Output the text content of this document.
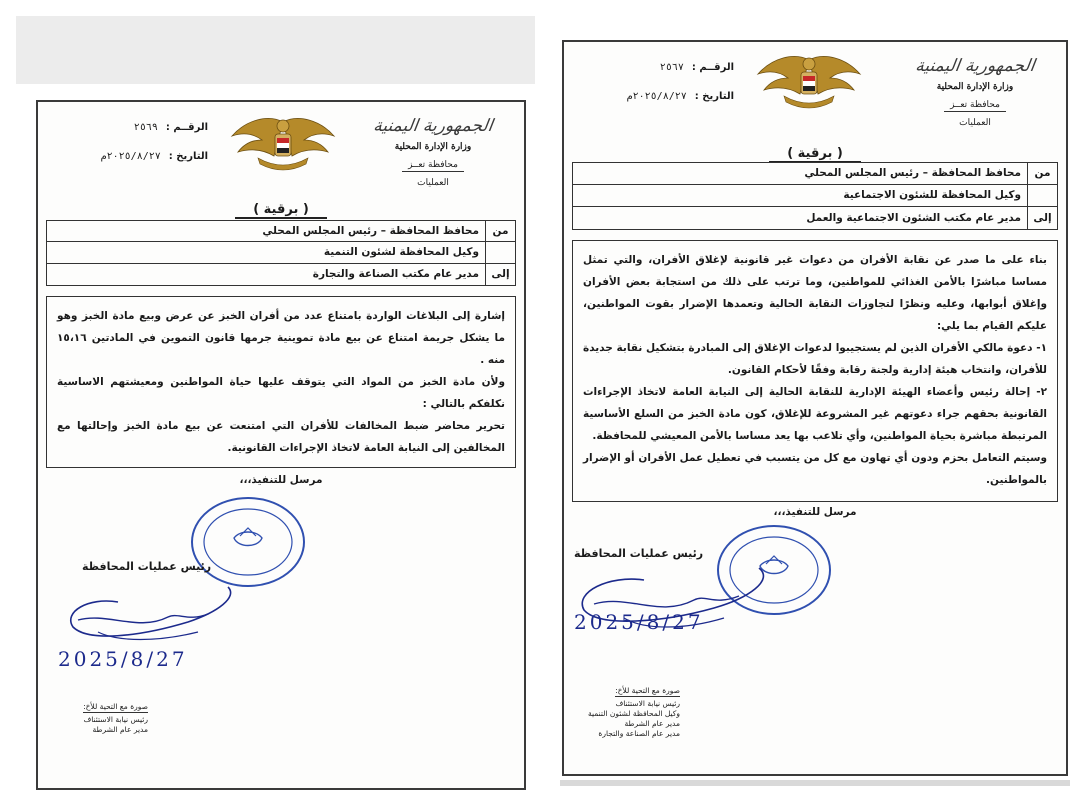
الجمهورية اليمنية
وزارة الإدارة المحلية
محافظة تعــز
العمليات
الرقــم :
٢٥٦٩
التاريخ :
٢٠٢٥/٨/٢٧م
( برقية )
من
محافظ المحافظة – رئيس المجلس المحلي
وكيل المحافظة لشئون التنمية
إلى
مدير عام مكتب الصناعة والتجارة

إشارة إلى البلاغات الواردة بامتناع عدد من أفران الخبز عن عرض وبيع مادة الخبز وهو ما يشكل جريمة امتناع عن بيع مادة تموينية جرمها قانون التموين في المادتين ١٥،١٦ منه .

ولأن مادة الخبز من المواد التي يتوقف عليها حياة المواطنين ومعيشتهم الاساسية نكلفكم بالتالي :

تحرير محاضر ضبط المخالفات للأفران التي امتنعت عن بيع مادة الخبز وإحالتها مع المخالفين إلى النيابة العامة لاتخاذ الإجراءات القانونية.

مرسل للتنفيذ،،،
رئيس عمليات المحافظة
2025/8/27
صورة مع التحية للأخ:
رئيس نيابة الاستئناف
مدير عام الشرطة
الجمهورية اليمنية
وزارة الإدارة المحلية
محافظة تعــز
العمليات
الرقــم :
٢٥٦٧
التاريخ :
٢٠٢٥/٨/٢٧م
( برقية )
من
محافظ المحافظة – رئيس المجلس المحلي
وكيل المحافظة للشئون الاجتماعية
إلى
مدير عام مكتب الشئون الاجتماعية والعمل

بناء على ما صدر عن نقابة الأفران من دعوات غير قانونية لإغلاق الأفران، والتي تمثل مساسا مباشرًا بالأمن الغذائي للمواطنين، وما ترتب على ذلك من استجابة بعض الأفران وإغلاق أبوابها، وعليه ونظرًا لتجاوزات النقابة الحالية وتعمدها الإضرار بقوت المواطنين، عليكم القيام بما يلي:

١- دعوة مالكي الأفران الذين لم يستجيبوا لدعوات الإغلاق إلى المبادرة بتشكيل نقابة جديدة للأفران، وانتخاب هيئة إدارية ولجنة رقابة وفقًا لأحكام القانون.

٢- إحالة رئيس وأعضاء الهيئة الإدارية للنقابة الحالية إلى النيابة العامة لاتخاذ الإجراءات القانونية بحقهم جراء دعوتهم غير المشروعة للإغلاق، كون مادة الخبز من السلع الأساسية المرتبطة مباشرة بحياة المواطنين، وأي تلاعب بها يعد مساسا بالأمن المعيشي للمحافظة.

وسيتم التعامل بحزم ودون أي تهاون مع كل من يتسبب في تعطيل عمل الأفران أو الإضرار بالمواطنين.

مرسل للتنفيذ،،،
رئيس عمليات المحافظة
2025/8/27
صورة مع التحية للأخ:
رئيس نيابة الاستئناف
وكيل المحافظة لشئون التنمية
مدير عام الشرطة
مدير عام الصناعة والتجارة
